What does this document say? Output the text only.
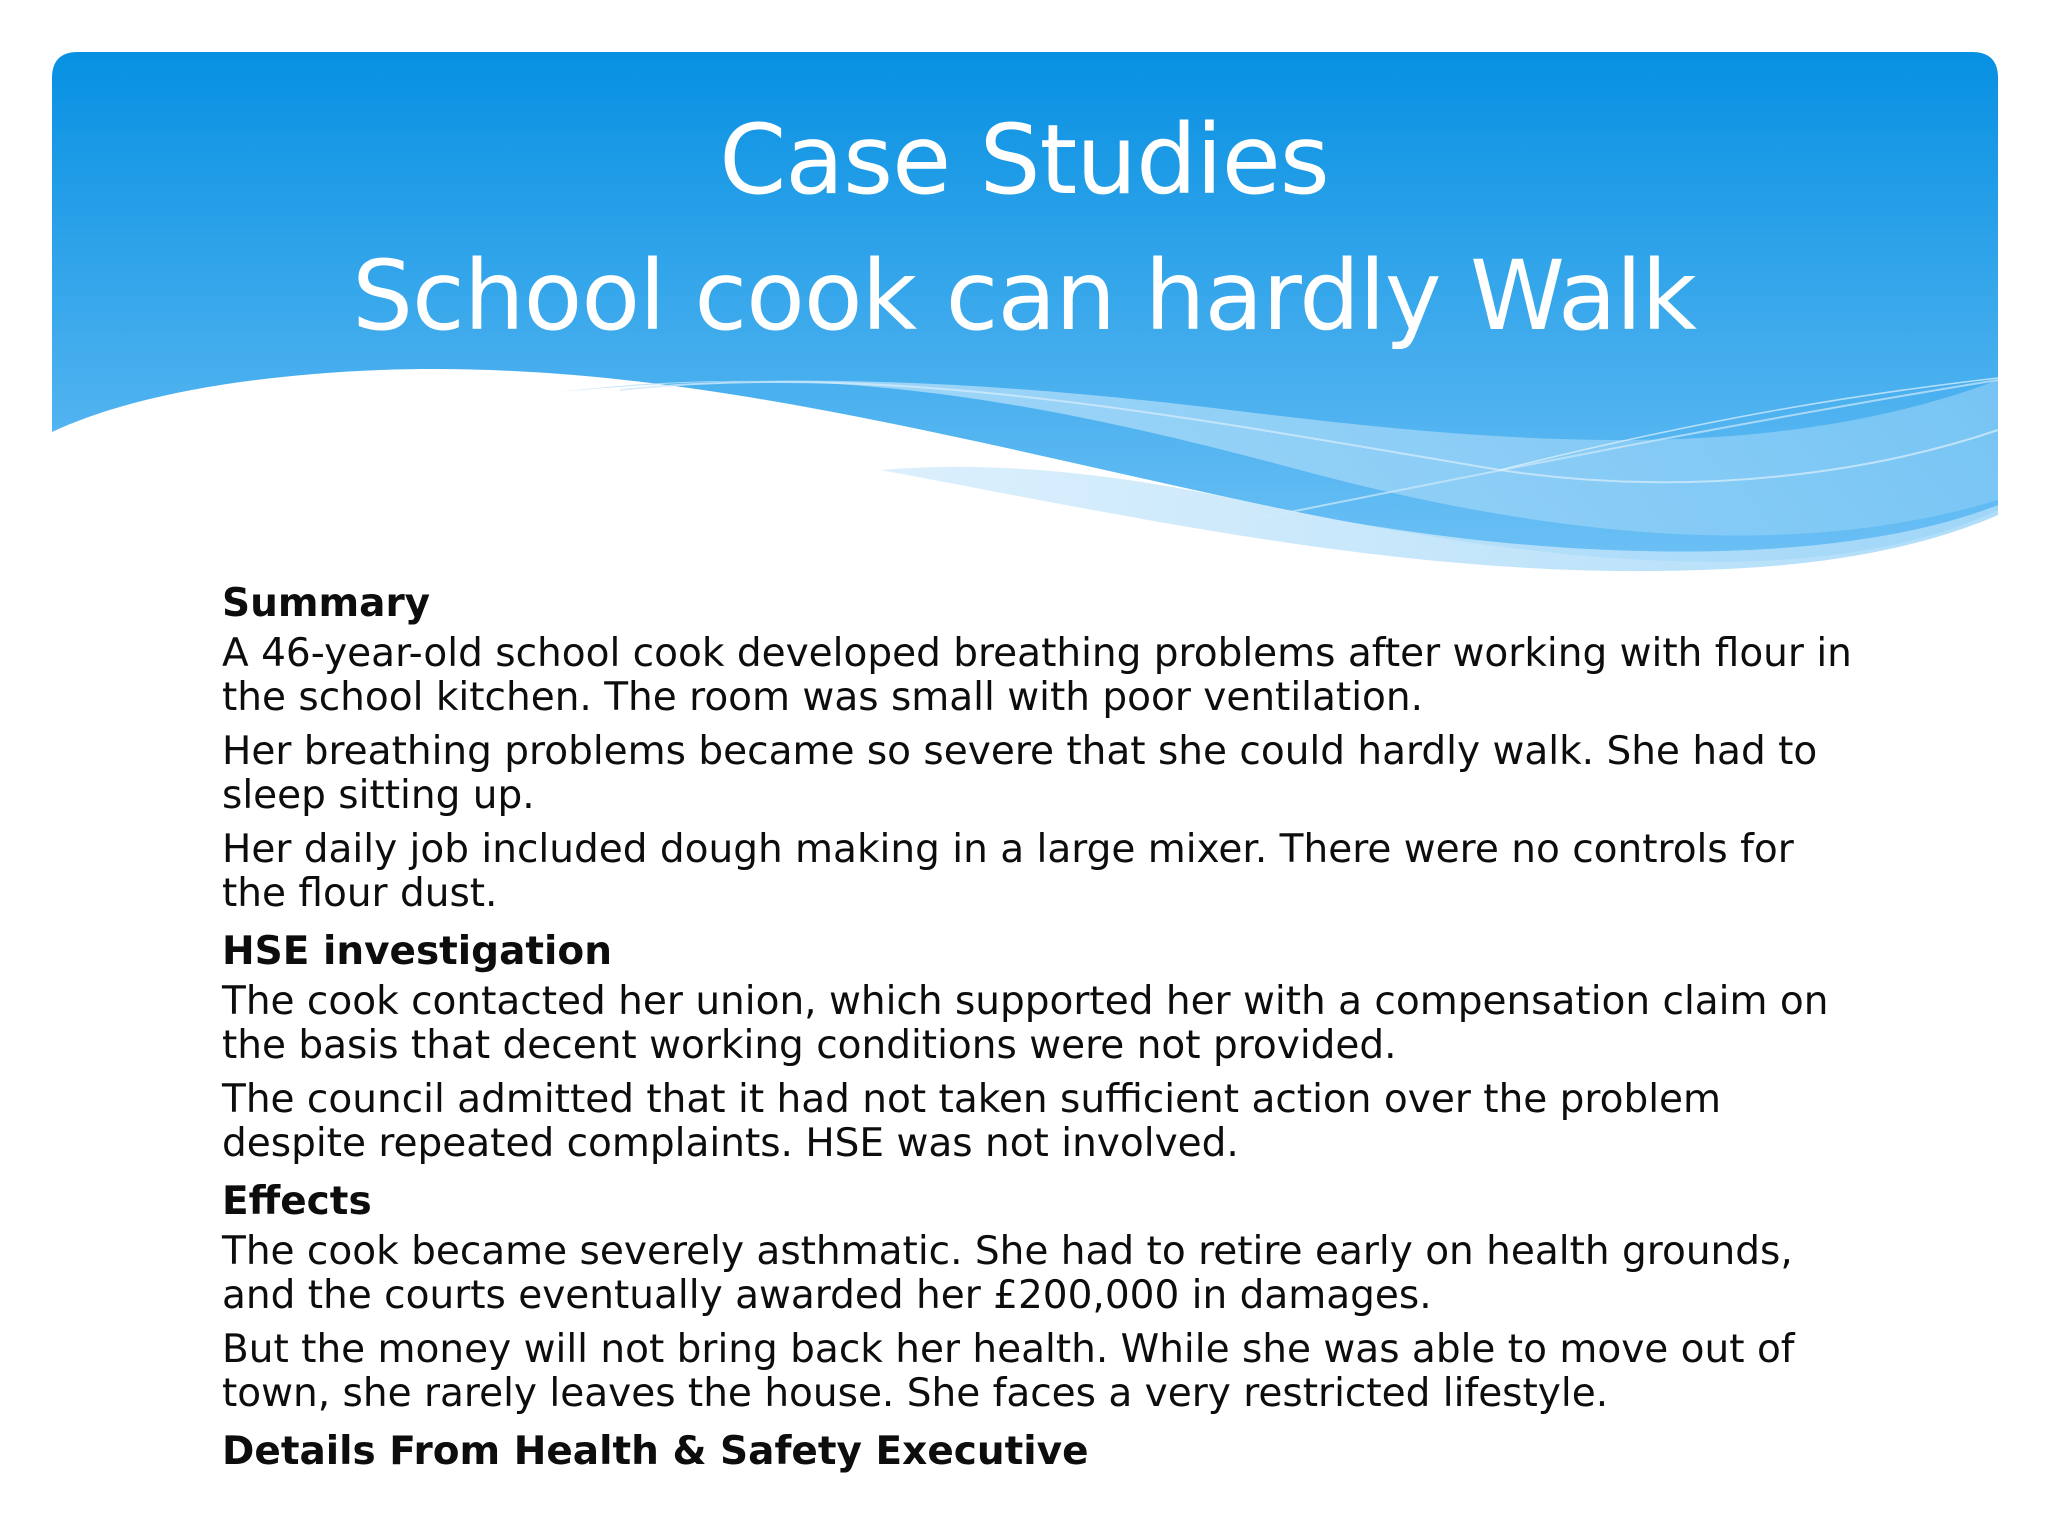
Case Studies
School cook can hardly Walk
Summary
A 46-year-old school cook developed breathing problems after working with flour in the school kitchen. The room was small with poor ventilation.
Her breathing problems became so severe that she could hardly walk. She had to sleep sitting up.
Her daily job included dough making in a large mixer. There were no controls for the flour dust.
HSE investigation
The cook contacted her union, which supported her with a compensation claim on the basis that decent working conditions were not provided.
The council admitted that it had not taken sufficient action over the problem despite repeated complaints. HSE was not involved.
Effects
The cook became severely asthmatic. She had to retire early on health grounds, and the courts eventually awarded her £200,000 in damages.
But the money will not bring back her health. While she was able to move out of town, she rarely leaves the house. She faces a very restricted lifestyle.
Details From Health & Safety Executive
